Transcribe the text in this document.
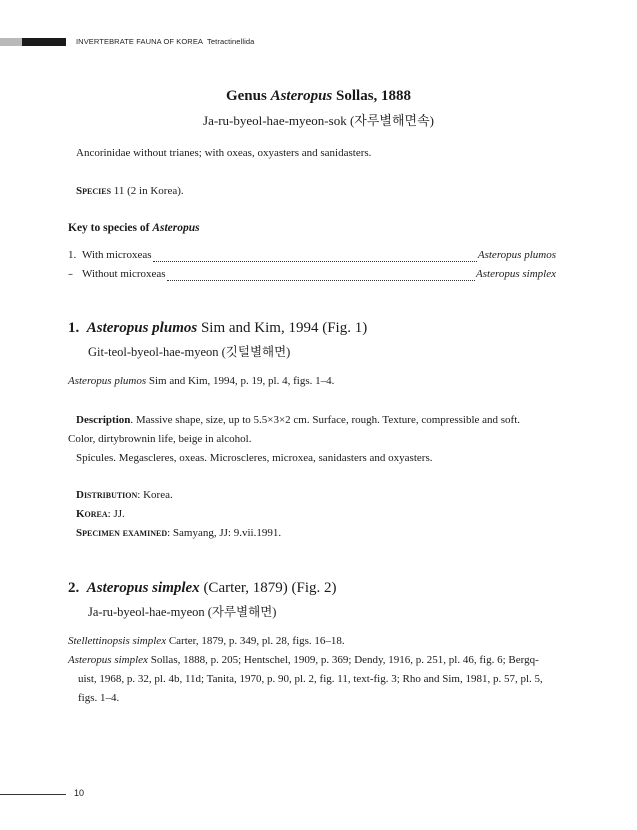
INVERTEBRATE FAUNA OF KOREA Tetractinellida
Genus Asteropus Sollas, 1888
Ja-ru-byeol-hae-myeon-sok (자루별해면속)
Ancorinidae without trianes; with oxeas, oxyasters and sanidasters.
Species 11 (2 in Korea).
Key to species of Asteropus
1. With microxeas	Asteropus plumos
– Without microxeas	Asteropus simplex
1. Asteropus plumos Sim and Kim, 1994 (Fig. 1)
Git-teol-byeol-hae-myeon (깃털별해면)
Asteropus plumos Sim and Kim, 1994, p. 19, pl. 4, figs. 1–4.
Description. Massive shape, size, up to 5.5×3×2 cm. Surface, rough. Texture, compressible and soft.
Color, dirtybrownin life, beige in alcohol.
Spicules. Megascleres, oxeas. Microscleres, microxea, sanidasters and oxyasters.
Distribution: Korea.
Korea: JJ.
Specimen examined: Samyang, JJ: 9.vii.1991.
2. Asteropus simplex (Carter, 1879) (Fig. 2)
Ja-ru-byeol-hae-myeon (자루별해면)
Stellettinopsis simplex Carter, 1879, p. 349, pl. 28, figs. 16–18.
Asteropus simplex Sollas, 1888, p. 205; Hentschel, 1909, p. 369; Dendy, 1916, p. 251, pl. 46, fig. 6; Bergq-
uist, 1968, p. 32, pl. 4b, 11d; Tanita, 1970, p. 90, pl. 2, fig. 11, text-fig. 3; Rho and Sim, 1981, p. 57, pl. 5,
figs. 1–4.
10
